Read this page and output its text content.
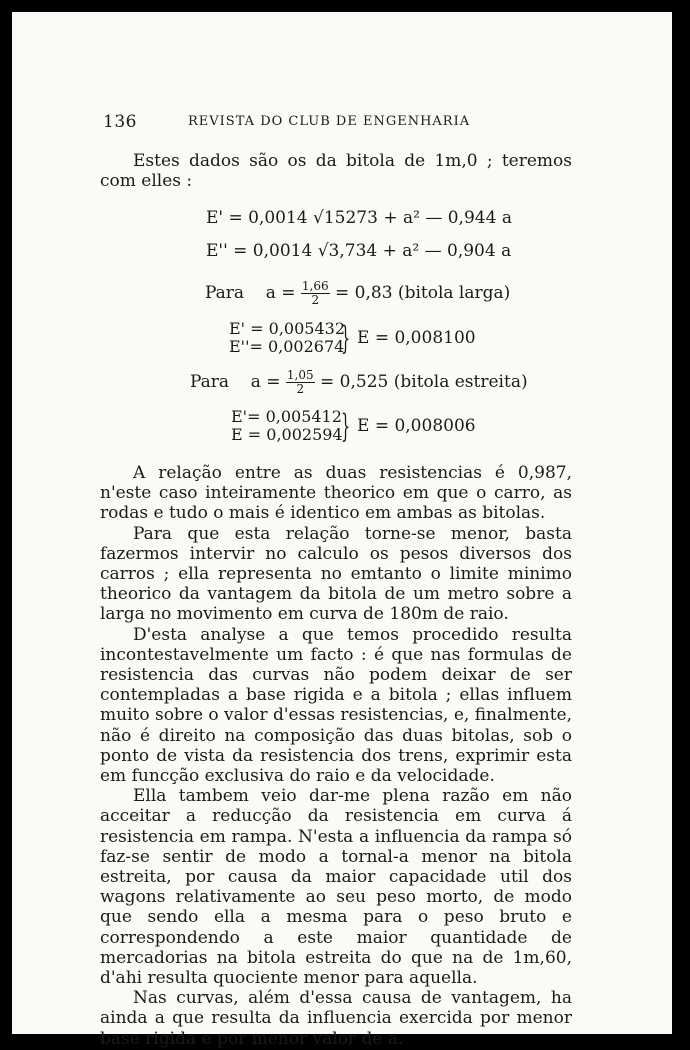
136	REVISTA DO CLUB DE ENGENHARIA

Estes dados são os da bitola de 1m,0 ; teremos com elles :

E' = 0,0014 √15273 + a² — 0,944 a
E'' = 0,0014 √3,734 + a² — 0,904 a
Para $a = \frac{1,66}{2} = 0,83$ (bitola larga)
E' = 0,005432
E''= 0,002674
} E = 0,008100
Para $a = \frac{1,05}{2} = 0,525$ (bitola estreita)
E'= 0,005412
E = 0,002594
} E = 0,008006

A relação entre as duas resistencias é 0,987, n'este caso inteiramente theorico em que o carro, as rodas e tudo o mais é identico em ambas as bitolas.

Para que esta relação torne-se menor, basta fazermos intervir no calculo os pesos diversos dos carros ; ella representa no emtanto o limite minimo theorico da vantagem da bitola de um metro sobre a larga no movimento em curva de 180m de raio.

D'esta analyse a que temos procedido resulta incontestavelmente um facto : é que nas formulas de resistencia das curvas não podem deixar de ser contempladas a base rigida e a bitola ; ellas influem muito sobre o valor d'essas resistencias, e, finalmente, não é direito na composição das duas bitolas, sob o ponto de vista da resistencia dos trens, exprimir esta em funcção exclusiva do raio e da velocidade.

Ella tambem veio dar-me plena razão em não acceitar a reducção da resistencia em curva á resistencia em rampa. N'esta a influencia da rampa só faz-se sentir de modo a tornal-a menor na bitola estreita, por causa da maior capacidade util dos wagons relativamente ao seu peso morto, de modo que sendo ella a mesma para o peso bruto e correspondendo a este maior quantidade de mercadorias na bitola estreita do que na de 1m,60, d'ahi resulta quociente menor para aquella.

Nas curvas, além d'essa causa de vantagem, ha ainda a que resulta da influencia exercida por menor base rigida e por menor valor de a.
